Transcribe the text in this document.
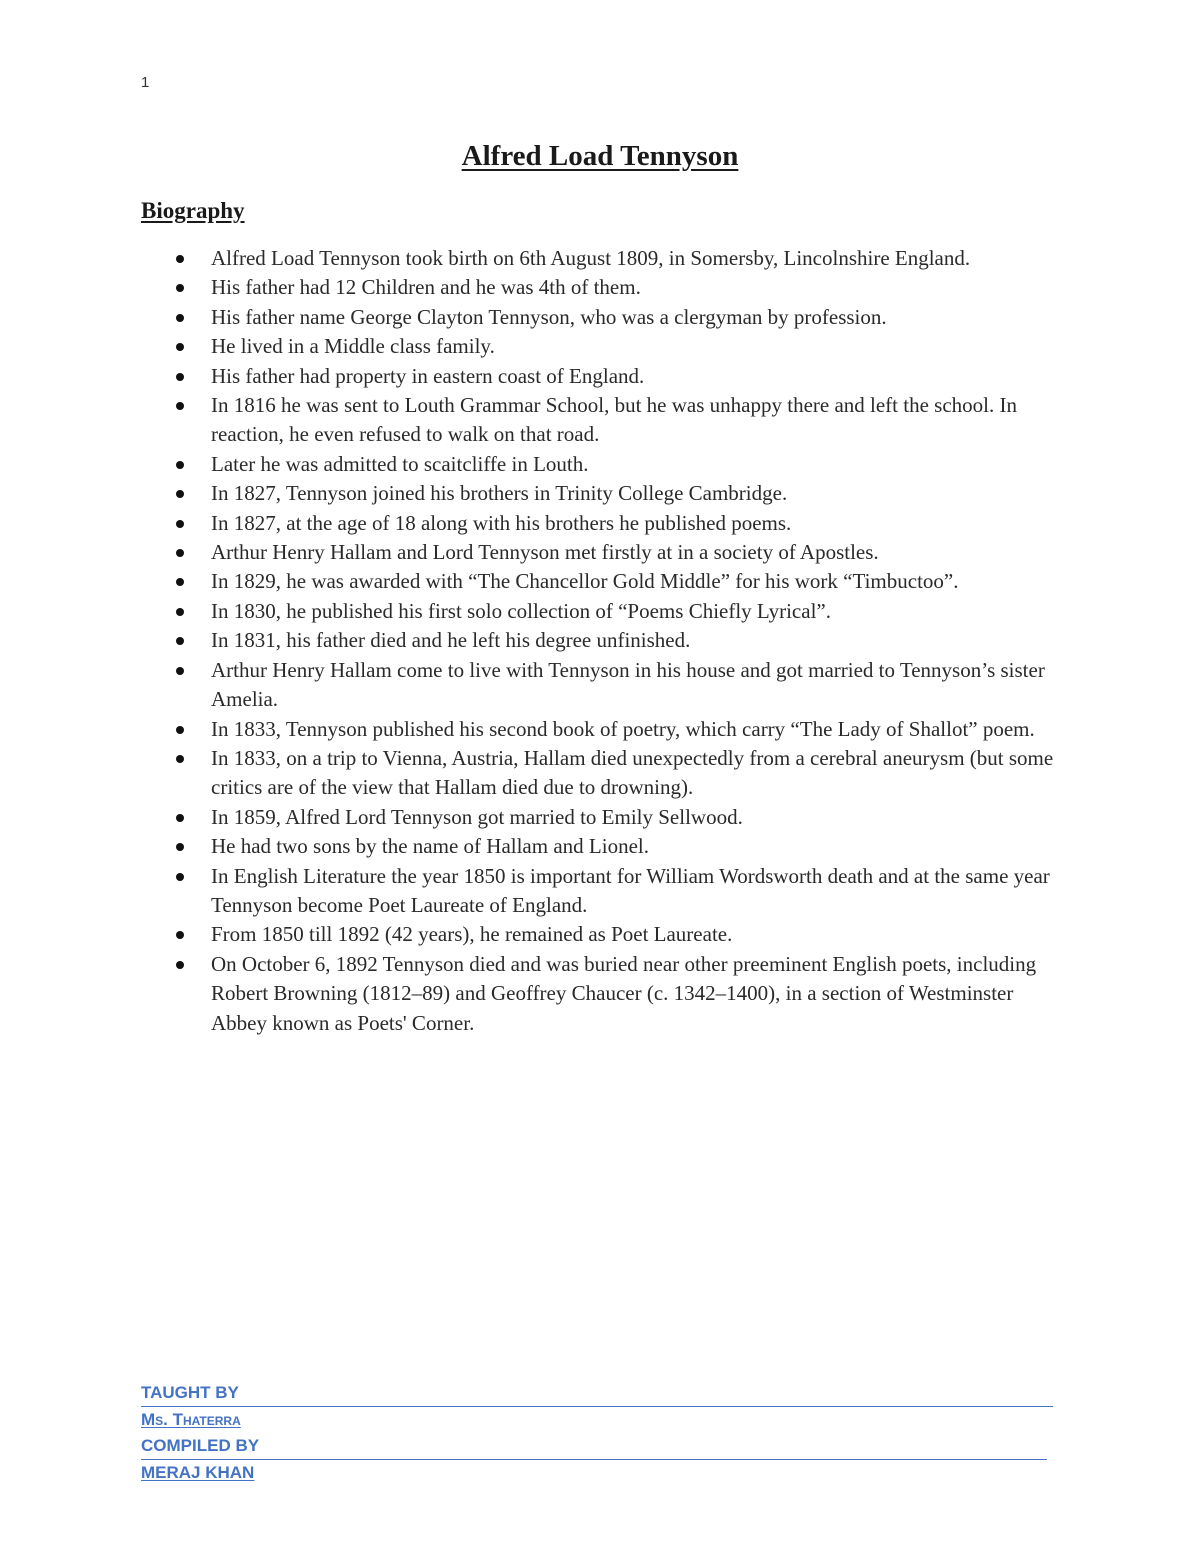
1
Alfred Load Tennyson
Biography
Alfred Load Tennyson took birth on 6th August 1809, in Somersby, Lincolnshire England.
His father had 12 Children and he was 4th of them.
His father name George Clayton Tennyson, who was a clergyman by profession.
He lived in a Middle class family.
His father had property in eastern coast of England.
In 1816 he was sent to Louth Grammar School, but he was unhappy there and left the school. In reaction, he even refused to walk on that road.
Later he was admitted to scaitcliffe in Louth.
In 1827, Tennyson joined his brothers in Trinity College Cambridge.
In 1827, at the age of 18 along with his brothers he published poems.
Arthur Henry Hallam and Lord Tennyson met firstly at in a society of Apostles.
In 1829, he was awarded with “The Chancellor Gold Middle” for his work “Timbuctoo”.
In 1830, he published his first solo collection of “Poems Chiefly Lyrical”.
In 1831, his father died and he left his degree unfinished.
Arthur Henry Hallam come to live with Tennyson in his house and got married to Tennyson’s sister Amelia.
In 1833, Tennyson published his second book of poetry, which carry “The Lady of Shallot” poem.
In 1833, on a trip to Vienna, Austria, Hallam died unexpectedly from a cerebral aneurysm (but some critics are of the view that Hallam died due to drowning).
In 1859, Alfred Lord Tennyson got married to Emily Sellwood.
He had two sons by the name of Hallam and Lionel.
In English Literature the year 1850 is important for William Wordsworth death and at the same year Tennyson become Poet Laureate of England.
From 1850 till 1892 (42 years), he remained as Poet Laureate.
On October 6, 1892 Tennyson died and was buried near other preeminent English poets, including Robert Browning (1812–89) and Geoffrey Chaucer (c. 1342–1400), in a section of Westminster Abbey known as Poets' Corner.
TAUGHT BY
Ms. Thaterra
COMPILED BY
MERAJ KHAN
